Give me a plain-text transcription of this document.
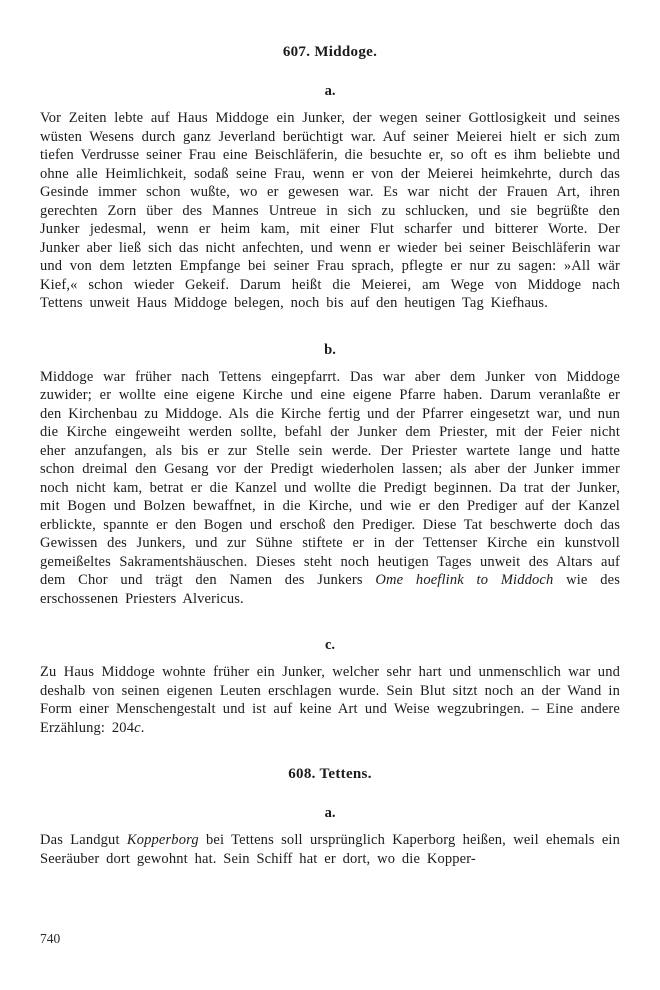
607. Middoge.
a.

Vor Zeiten lebte auf Haus Middoge ein Junker, der wegen seiner Gottlosigkeit und seines wüsten Wesens durch ganz Jeverland berüchtigt war. Auf seiner Meierei hielt er sich zum tiefen Verdrusse seiner Frau eine Beischläferin, die besuchte er, so oft es ihm beliebte und ohne alle Heimlichkeit, sodaß seine Frau, wenn er von der Meierei heimkehrte, durch das Gesinde immer schon wußte, wo er gewesen war. Es war nicht der Frauen Art, ihren gerechten Zorn über des Mannes Untreue in sich zu schlucken, und sie begrüßte den Junker jedesmal, wenn er heim kam, mit einer Flut scharfer und bitterer Worte. Der Junker aber ließ sich das nicht anfechten, und wenn er wieder bei seiner Beischläferin war und von dem letzten Empfange bei seiner Frau sprach, pflegte er nur zu sagen: »All wär Kief,« schon wieder Gekeif. Darum heißt die Meierei, am Wege von Middoge nach Tettens unweit Haus Middoge belegen, noch bis auf den heutigen Tag Kiefhaus.

b.

Middoge war früher nach Tettens eingepfarrt. Das war aber dem Junker von Middoge zuwider; er wollte eine eigene Kirche und eine eigene Pfarre haben. Darum veranlaßte er den Kirchenbau zu Middoge. Als die Kirche fertig und der Pfarrer eingesetzt war, und nun die Kirche eingeweiht werden sollte, befahl der Junker dem Priester, mit der Feier nicht eher anzufangen, als bis er zur Stelle sein werde. Der Priester wartete lange und hatte schon dreimal den Gesang vor der Predigt wiederholen lassen; als aber der Junker immer noch nicht kam, betrat er die Kanzel und wollte die Predigt beginnen. Da trat der Junker, mit Bogen und Bolzen bewaffnet, in die Kirche, und wie er den Prediger auf der Kanzel erblickte, spannte er den Bogen und erschoß den Prediger. Diese Tat beschwerte doch das Gewissen des Junkers, und zur Sühne stiftete er in der Tettenser Kirche ein kunstvoll gemeißeltes Sakramentshäuschen. Dieses steht noch heutigen Tages unweit des Altars auf dem Chor und trägt den Namen des Junkers Ome hoeflink to Middoch wie des erschossenen Priesters Alvericus.

c.

Zu Haus Middoge wohnte früher ein Junker, welcher sehr hart und unmenschlich war und deshalb von seinen eigenen Leuten erschlagen wurde. Sein Blut sitzt noch an der Wand in Form einer Menschengestalt und ist auf keine Art und Weise wegzubringen. – Eine andere Erzählung: 204c.

608. Tettens.
a.

Das Landgut Kopperborg bei Tettens soll ursprünglich Kaperborg heißen, weil ehemals ein Seeräuber dort gewohnt hat. Sein Schiff hat er dort, wo die Kopper-

740
